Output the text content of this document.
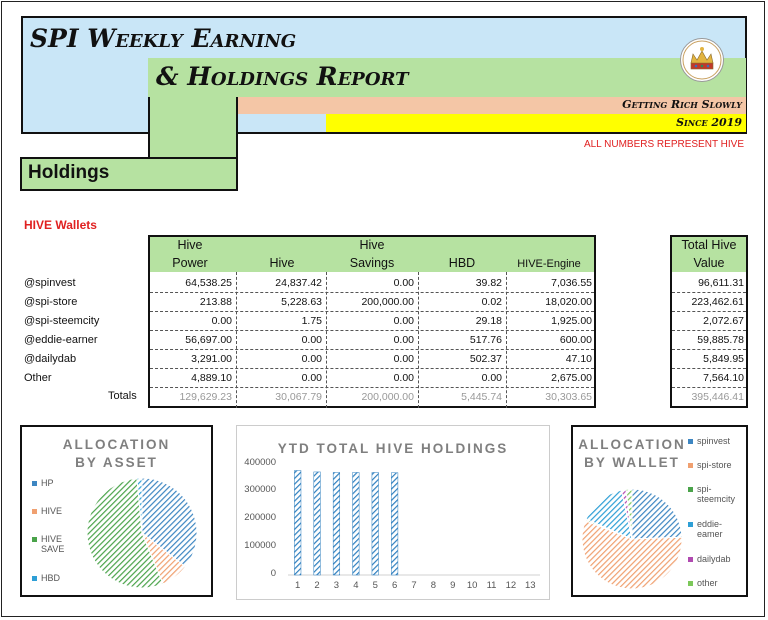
SPI Weekly Earning
& Holdings Report
Getting Rich Slowly
Since 2019
ALL NUMBERS REPRESENT HIVE
Holdings
HIVE Wallets
Hive
Power	Hive
Hive
Savings	HBD	HIVE-Engine
Total Hive
Value
@spinvest	64,538.25	24,837.42	0.00	39.82	7,036.55	96,611.31
@spi-store	213.88	5,228.63	200,000.00	0.02	18,020.00	223,462.61
@spi-steemcity	0.00	1.75	0.00	29.18	1,925.00	2,072.67
@eddie-earner	56,697.00	0.00	0.00	517.76	600.00	59,885.78
@dailydab	3,291.00	0.00	0.00	502.37	47.10	5,849.95
Other	4,889.10	0.00	0.00	0.00	2,675.00	7,564.10
Totals	129,629.23	30,067.79	200,000.00	5,445.74	30,303.65	395,446.41
ALLOCATION
BY ASSET
HP
HIVE
HIVE
SAVE
HBD
YTD TOTAL HIVE HOLDINGS
0
100000
200000
300000
400000
1	2	3	4	5	6	7	8	9	10 11 12 13
ALLOCATION
BY WALLET
spinvest
spi-store
spi-
steemcity
eddie-
eamer
dailydab
other
